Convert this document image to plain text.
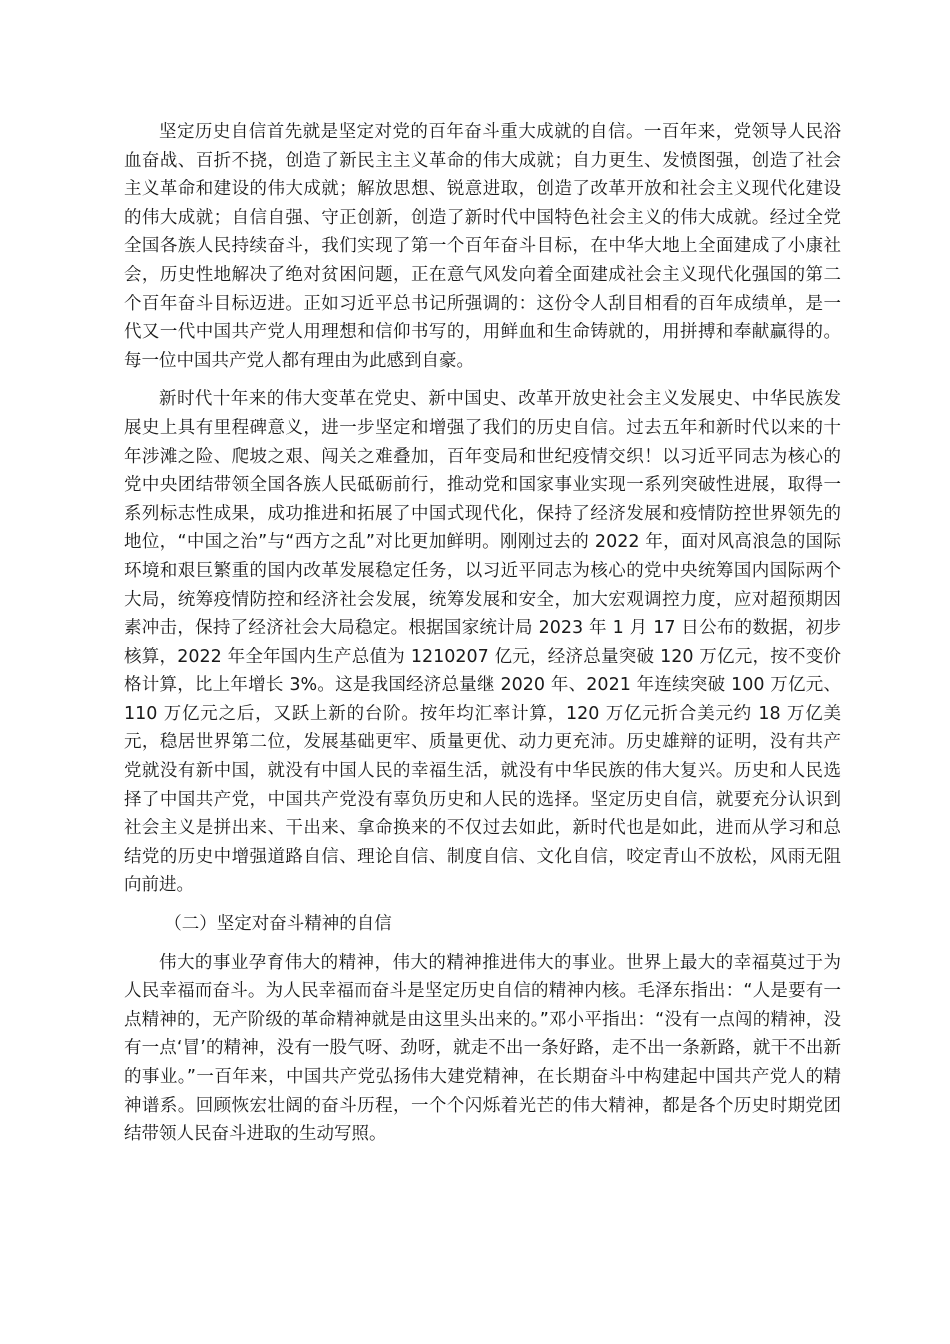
坚定历史自信首先就是坚定对党的百年奋斗重大成就的自信。一百年来，党领导人民浴血奋战、百折不挠，创造了新民主主义革命的伟大成就；自力更生、发愤图强，创造了社会主义革命和建设的伟大成就；解放思想、锐意进取，创造了改革开放和社会主义现代化建设的伟大成就；自信自强、守正创新，创造了新时代中国特色社会主义的伟大成就。经过全党全国各族人民持续奋斗，我们实现了第一个百年奋斗目标，在中华大地上全面建成了小康社会，历史性地解决了绝对贫困问题，正在意气风发向着全面建成社会主义现代化强国的第二个百年奋斗目标迈进。正如习近平总书记所强调的：这份令人刮目相看的百年成绩单，是一代又一代中国共产党人用理想和信仰书写的，用鲜血和生命铸就的，用拼搏和奉献赢得的。每一位中国共产党人都有理由为此感到自豪。

新时代十年来的伟大变革在党史、新中国史、改革开放史社会主义发展史、中华民族发展史上具有里程碑意义，进一步坚定和增强了我们的历史自信。过去五年和新时代以来的十年涉滩之险、爬坡之艰、闯关之难叠加，百年变局和世纪疫情交织！以习近平同志为核心的党中央团结带领全国各族人民砥砺前行，推动党和国家事业实现一系列突破性进展，取得一系列标志性成果，成功推进和拓展了中国式现代化，保持了经济发展和疫情防控世界领先的地位，“中国之治”与“西方之乱”对比更加鲜明。刚刚过去的 2022 年，面对风高浪急的国际环境和艰巨繁重的国内改革发展稳定任务，以习近平同志为核心的党中央统筹国内国际两个大局，统筹疫情防控和经济社会发展，统筹发展和安全，加大宏观调控力度，应对超预期因素冲击，保持了经济社会大局稳定。根据国家统计局 2023 年 1 月 17 日公布的数据，初步核算，2022 年全年国内生产总值为 1210207 亿元，经济总量突破 120 万亿元，按不变价格计算，比上年增长 3%。这是我国经济总量继 2020 年、2021 年连续突破 100 万亿元、110 万亿元之后，又跃上新的台阶。按年均汇率计算，120 万亿元折合美元约 18 万亿美元，稳居世界第二位，发展基础更牢、质量更优、动力更充沛。历史雄辩的证明，没有共产党就没有新中国，就没有中国人民的幸福生活，就没有中华民族的伟大复兴。历史和人民选择了中国共产党，中国共产党没有辜负历史和人民的选择。坚定历史自信，就要充分认识到社会主义是拼出来、干出来、拿命换来的不仅过去如此，新时代也是如此，进而从学习和总结党的历史中增强道路自信、理论自信、制度自信、文化自信，咬定青山不放松，风雨无阻向前进。

（二）坚定对奋斗精神的自信

伟大的事业孕育伟大的精神，伟大的精神推进伟大的事业。世界上最大的幸福莫过于为人民幸福而奋斗。为人民幸福而奋斗是坚定历史自信的精神内核。毛泽东指出：“人是要有一点精神的，无产阶级的革命精神就是由这里头出来的。”邓小平指出：“没有一点闯的精神，没有一点‘冒’的精神，没有一股气呀、劲呀，就走不出一条好路，走不出一条新路，就干不出新的事业。”一百年来，中国共产党弘扬伟大建党精神，在长期奋斗中构建起中国共产党人的精神谱系。回顾恢宏壮阔的奋斗历程，一个个闪烁着光芒的伟大精神，都是各个历史时期党团结带领人民奋斗进取的生动写照。
